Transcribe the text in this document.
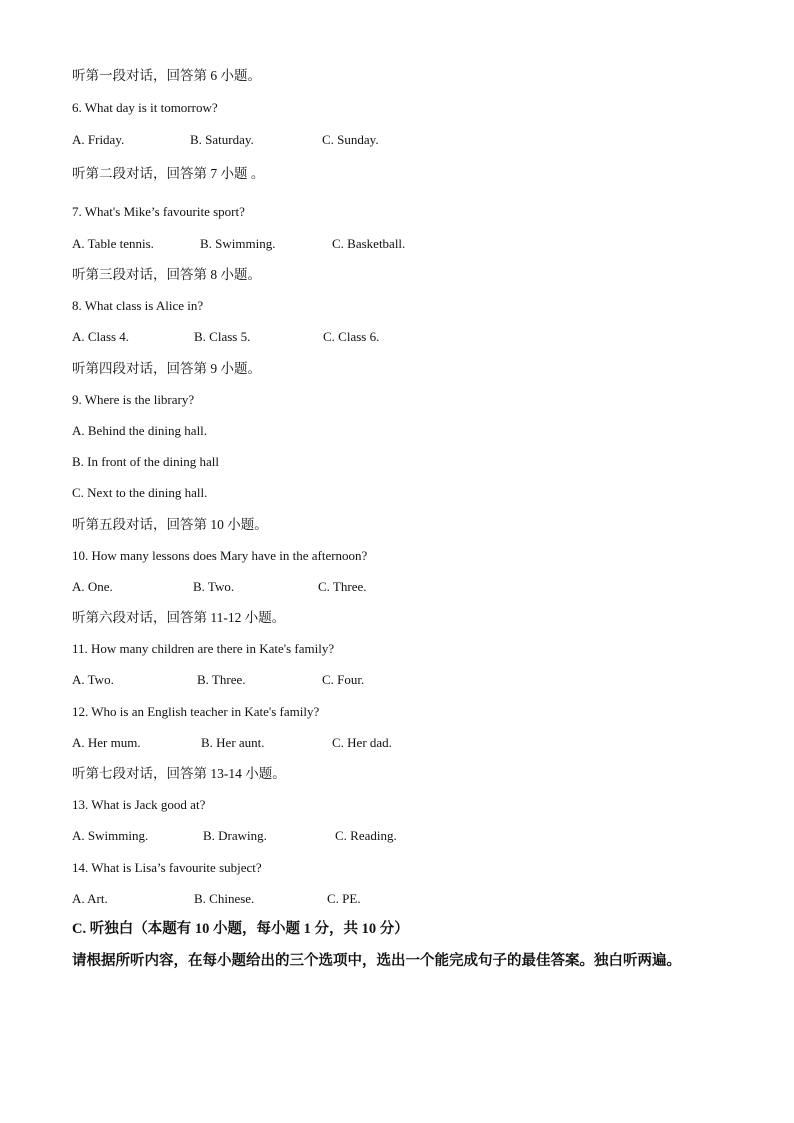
听第一段对话，回答第 6 小题。
6. What day is it tomorrow?
A. Friday.	B. Saturday.	C. Sunday.
听第二段对话，回答第 7 小题 。
7. What's Mike’s favourite sport?
A. Table tennis.	B. Swimming.	C. Basketball.
听第三段对话，回答第 8 小题。
8. What class is Alice in?
A. Class 4.	B. Class 5.	C. Class 6.
听第四段对话，回答第 9 小题。
9. Where is the library?
A. Behind the dining hall.
B. In front of the dining hall
C. Next to the dining hall.
听第五段对话，回答第 10 小题。
10. How many lessons does Mary have in the afternoon?
A. One.	B. Two.	C. Three.
听第六段对话，回答第 11-12 小题。
11. How many children are there in Kate's family?
A. Two.	B. Three.	C. Four.
12. Who is an English teacher in Kate's family?
A. Her mum.	B. Her aunt.	C. Her dad.
听第七段对话，回答第 13-14 小题。
13. What is Jack good at?
A. Swimming.	B. Drawing.	C. Reading.
14. What is Lisa’s favourite subject?
A. Art.	B. Chinese.	C. PE.
C. 听独白（本题有 10 小题，每小题 1 分，共 10 分）
请根据所听内容，在每小题给出的三个选项中，选出一个能完成句子的最佳答案。独白听两遍。
